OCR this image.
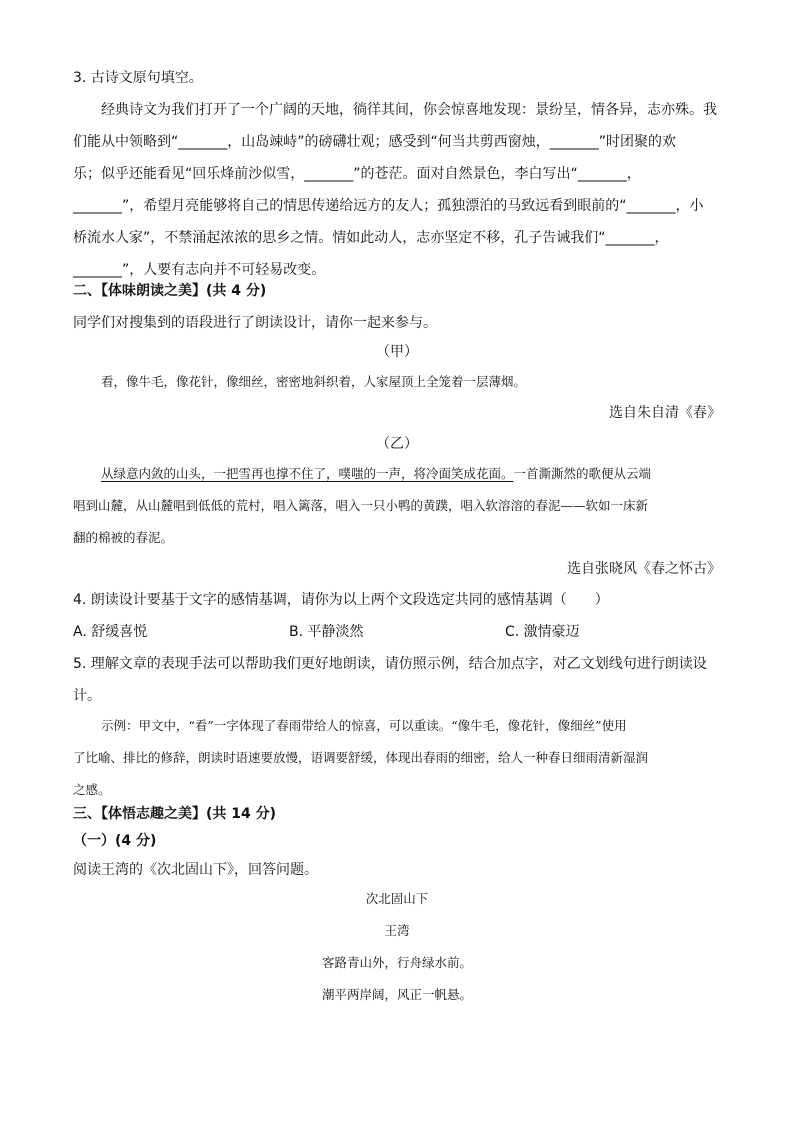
3. 古诗文原句填空。
经典诗文为我们打开了一个广阔的天地，徜徉其间，你会惊喜地发现：景纷呈，情各异，志亦殊。我
们能从中领略到“_______，山岛竦峙”的磅礴壮观；感受到“何当共剪西窗烛，_______”时团聚的欢
乐；似乎还能看见“回乐烽前沙似雪，_______”的苍茫。面对自然景色，李白写出“_______，
_______”，希望月亮能够将自己的情思传递给远方的友人；孤独漂泊的马致远看到眼前的“_______，小
桥流水人家”，不禁涌起浓浓的思乡之情。情如此动人，志亦坚定不移，孔子告诫我们“_______，
_______”，人要有志向并不可轻易改变。
二、【体味朗读之美】(共 4 分)
同学们对搜集到的语段进行了朗读设计，请你一起来参与。
（甲）
看，像牛毛，像花针，像细丝，密密地斜织着，人家屋顶上全笼着一层薄烟。
选自朱自清《春》
（乙）
从绿意内敛的山头，一把雪再也撑不住了，噗嗤的一声，将冷面笑成花面。一首澌澌然的歌便从云端
唱到山麓，从山麓唱到低低的荒村，唱入篱落，唱入一只小鸭的黄蹼，唱入软溶溶的春泥——软如一床新
翻的棉被的春泥。
选自张晓风《春之怀古》
4. 朗读设计要基于文字的感情基调，请你为以上两个文段选定共同的感情基调（　　）
A. 舒缓喜悦	B. 平静淡然	C. 激情豪迈
5. 理解文章的表现手法可以帮助我们更好地朗读，请仿照示例，结合加点字，对乙文划线句进行朗读设
计。
示例：甲文中，“看”一字体现了春雨带给人的惊喜，可以重读。“像牛毛，像花针，像细丝”使用
了比喻、排比的修辞，朗读时语速要放慢，语调要舒缓，体现出春雨的细密，给人一种春日细雨清新湿润
之感。
三、【体悟志趣之美】(共 14 分)
（一）(4 分)
阅读王湾的《次北固山下》，回答问题。
次北固山下
王湾
客路青山外，行舟绿水前。
潮平两岸阔，风正一帆悬。
